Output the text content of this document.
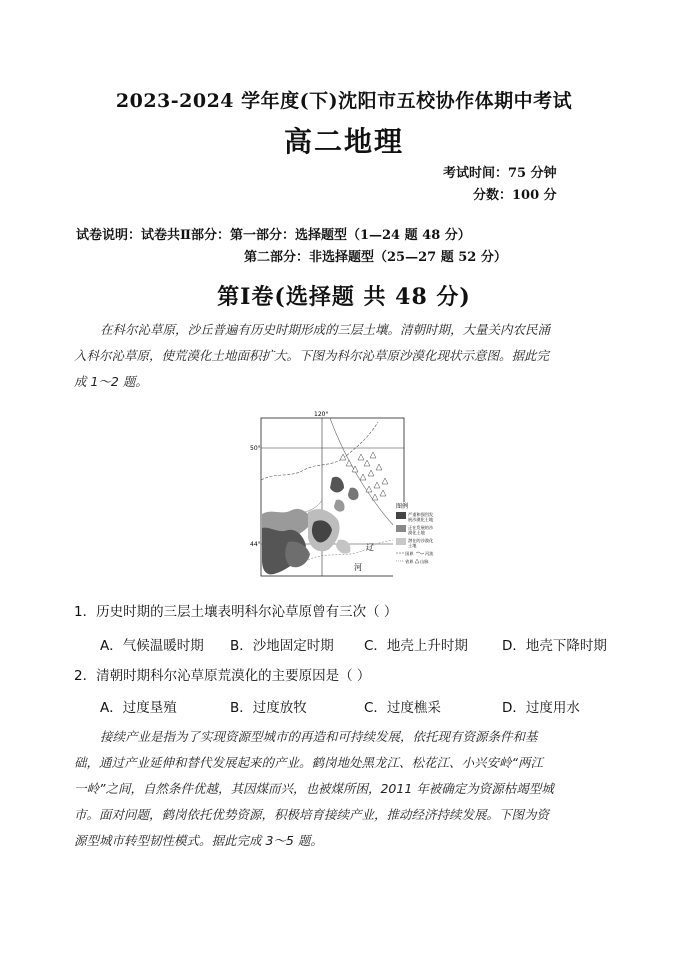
2023-2024 学年度(下)沈阳市五校协作体期中考试
高二地理
考试时间：75 分钟
分数：100 分
试卷说明：试卷共Ⅱ部分：第一部分：选择题型（1—24 题 48 分）
第二部分：非选择题型（25—27 题 52 分）
第Ⅰ卷(选择题 共 48 分)
在科尔沁草原，沙丘普遍有历史时期形成的三层土壤。清朝时期，大量关内农民涌
入科尔沁草原，使荒漠化土地面积扩大。下图为科尔沁草原沙漠化现状示意图。据此完
成 1～2 题。
120°
50°
44°	辽
河
图例
严重和强烈发
展沙漠化土地
正在发展的沙
漠化土地
潜在的沙漠化
土地
国界	河流
省界 山脉
1．历史时期的三层土壤表明科尔沁草原曾有三次（ ）
A．气候温暖时期	B．沙地固定时期	C．地壳上升时期	D．地壳下降时期
2．清朝时期科尔沁草原荒漠化的主要原因是（ ）
A．过度垦殖	B．过度放牧	C．过度樵采	D．过度用水
接续产业是指为了实现资源型城市的再造和可持续发展，依托现有资源条件和基
础，通过产业延伸和替代发展起来的产业。鹤岗地处黑龙江、松花江、小兴安岭“两江
一岭”之间，自然条件优越，其因煤而兴，也被煤所困，2011 年被确定为资源枯竭型城
市。面对问题，鹤岗依托优势资源，积极培育接续产业，推动经济持续发展。下图为资
源型城市转型韧性模式。据此完成 3～5 题。
